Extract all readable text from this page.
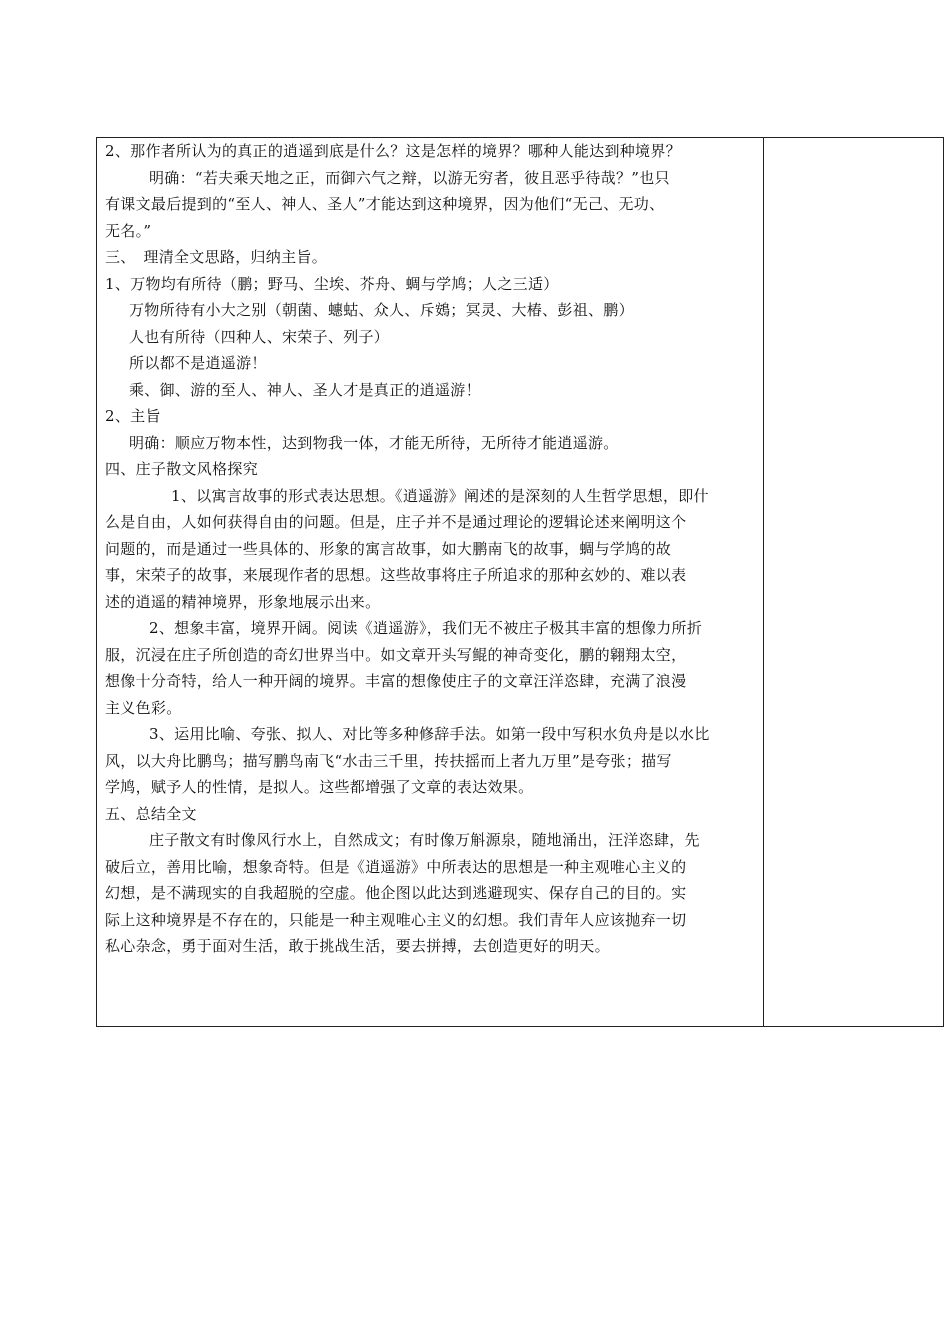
2、那作者所认为的真正的逍遥到底是什么？这是怎样的境界？哪种人能达到种境界？
明确：“若夫乘天地之正，而御六气之辩，以游无穷者，彼且恶乎待哉？”也只
有课文最后提到的“至人、神人、圣人”才能达到这种境界，因为他们“无己、无功、
无名。”
三、　理清全文思路，归纳主旨。
1、万物均有所待（鹏；野马、尘埃、芥舟、蜩与学鸠；人之三适）
万物所待有小大之别（朝菌、蟪蛄、众人、斥鴳；冥灵、大椿、彭祖、鹏）
人也有所待（四种人、宋荣子、列子）
所以都不是逍遥游！
乘、御、游的至人、神人、圣人才是真正的逍遥游！
2、主旨
明确：顺应万物本性，达到物我一体，才能无所待，无所待才能逍遥游。
四、庄子散文风格探究
1、以寓言故事的形式表达思想。《逍遥游》阐述的是深刻的人生哲学思想，即什
么是自由，人如何获得自由的问题。但是，庄子并不是通过理论的逻辑论述来阐明这个
问题的，而是通过一些具体的、形象的寓言故事，如大鹏南飞的故事，蜩与学鸠的故
事，宋荣子的故事，来展现作者的思想。这些故事将庄子所追求的那种玄妙的、难以表
述的逍遥的精神境界，形象地展示出来。
2、想象丰富，境界开阔。阅读《逍遥游》，我们无不被庄子极其丰富的想像力所折
服，沉浸在庄子所创造的奇幻世界当中。如文章开头写鲲的神奇变化，鹏的翱翔太空，
想像十分奇特，给人一种开阔的境界。丰富的想像使庄子的文章汪洋恣肆，充满了浪漫
主义色彩。
3、运用比喻、夸张、拟人、对比等多种修辞手法。如第一段中写积水负舟是以水比
风，以大舟比鹏鸟；描写鹏鸟南飞“水击三千里，抟扶摇而上者九万里”是夸张；描写
学鸠，赋予人的性情，是拟人。这些都增强了文章的表达效果。
五、总结全文
庄子散文有时像风行水上，自然成文；有时像万斛源泉，随地涌出，汪洋恣肆，先
破后立，善用比喻，想象奇特。但是《逍遥游》中所表达的思想是一种主观唯心主义的
幻想，是不满现实的自我超脱的空虚。他企图以此达到逃避现实、保存自己的目的。实
际上这种境界是不存在的，只能是一种主观唯心主义的幻想。我们青年人应该抛弃一切
私心杂念，勇于面对生活，敢于挑战生活，要去拼搏，去创造更好的明天。
